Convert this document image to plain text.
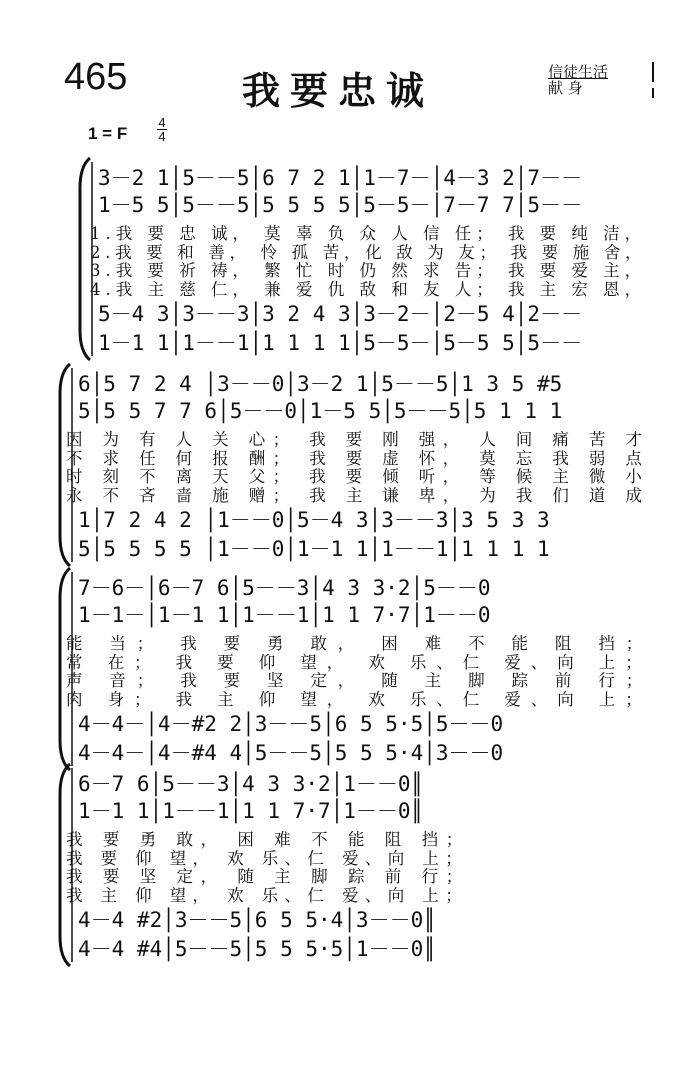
465	我要忠诚	信徒生活
献 身
1 = F
4
4
3－2 1│5－－5│6 7 2 1│1－7－│4－3 2│7－－
1－5 5│5－－5│5 5 5 5│5－5－│7－7 7│5－－
1.我 要 忠 诚， 莫 辜 负 众 人 信 任； 我 要 纯 洁，
2.我 要 和 善， 怜 孤 苦，化 敌 为 友； 我 要 施 舍，
3.我 要 祈 祷， 繁 忙 时 仍 然 求 告； 我 要 爱 主，
4.我 主 慈 仁， 兼 爱 仇 敌 和 友 人； 我 主 宏 恩，
5－4 3│3－－3│3 2 4 3│3－2－│2－5 4│2－－
1－1 1│1－－1│1 1 1 1│5－5－│5－5 5│5－－
6│5 7 2 4 │3－－0│3－2 1│5－－5│1 3 5 #5
5│5 5 7 7 6│5－－0│1－5 5│5－－5│5 1 1 1
因 为 有 人 关 心； 我 要 刚 强， 人 间 痛 苦 才
不 求 任 何 报 酬； 我 要 虚 怀， 莫 忘 我 弱 点
时 刻 不 离 天 父； 我 要 倾 听， 等 候 主 微 小
永 不 吝 啬 施 赠； 我 主 谦 卑， 为 我 们 道 成
1│7 2 4 2 │1－－0│5－4 3│3－－3│3 5 3 3
5│5 5 5 5 │1－－0│1－1 1│1－－1│1 1 1 1
7－6－│6－7 6│5－－3│4 3 3·2│5－－0
1－1－│1－1 1│1－－1│1 1 7·7│1－－0
能 当； 我 要 勇 敢， 困 难 不 能 阻 挡；
常 在； 我 要 仰 望， 欢 乐、仁 爱、向 上；
声 音； 我 要 坚 定， 随 主 脚 踪 前 行；
肉 身； 我 主 仰 望， 欢 乐、仁 爱、向 上；
4－4－│4－#2 2│3－－5│6 5 5·5│5－－0
4－4－│4－#4 4│5－－5│5 5 5·4│3－－0
6－7 6│5－－3│4 3 3·2│1－－0║
1－1 1│1－－1│1 1 7·7│1－－0║
我 要 勇 敢， 困 难 不 能 阻 挡；
我 要 仰 望， 欢 乐、仁 爱、向 上；
我 要 坚 定， 随 主 脚 踪 前 行；
我 主 仰 望， 欢 乐、仁 爱、向 上；
4－4 #2│3－－5│6 5 5·4│3－－0║
4－4 #4│5－－5│5 5 5·5│1－－0║
